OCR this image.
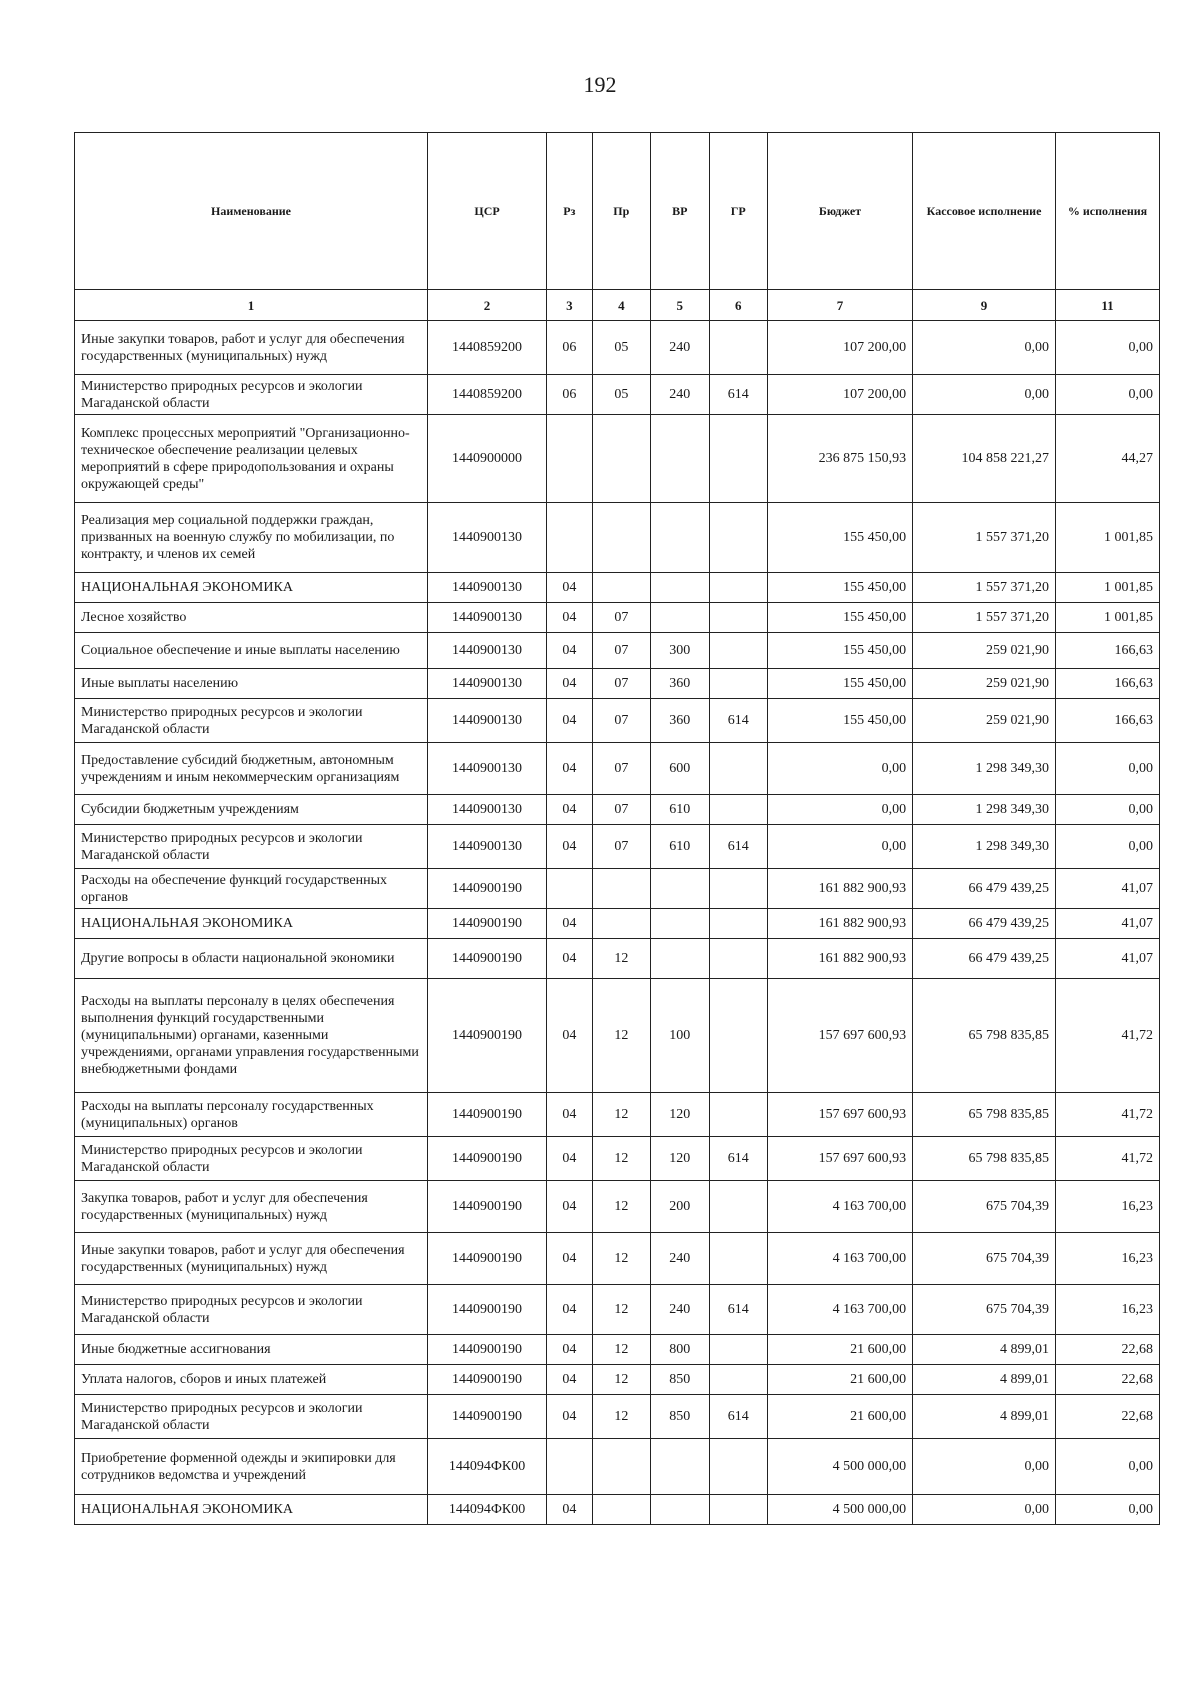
192
Наименование	ЦСР	Рз	Пр	ВР	ГР	Бюджет	Кассовое исполнение	% исполнения
1	2	3	4	5	6	7	9	11
Иные закупки товаров, работ и услуг для обеспечения государственных (муниципальных) нужд	1440859200	06	05	240		107 200,00	0,00	0,00
Министерство природных ресурсов и экологии Магаданской области	1440859200	06	05	240	614	107 200,00	0,00	0,00
Комплекс процессных мероприятий "Организационно-техническое обеспечение реализации целевых мероприятий в сфере природопользования и охраны окружающей среды"	1440900000					236 875 150,93	104 858 221,27	44,27
Реализация мер социальной поддержки граждан, призванных на военную службу по мобилизации, по контракту, и членов их семей	1440900130					155 450,00	1 557 371,20	1 001,85
НАЦИОНАЛЬНАЯ ЭКОНОМИКА	1440900130	04				155 450,00	1 557 371,20	1 001,85
Лесное хозяйство	1440900130	04	07			155 450,00	1 557 371,20	1 001,85
Социальное обеспечение и иные выплаты населению	1440900130	04	07	300		155 450,00	259 021,90	166,63
Иные выплаты населению	1440900130	04	07	360		155 450,00	259 021,90	166,63
Министерство природных ресурсов и экологии Магаданской области	1440900130	04	07	360	614	155 450,00	259 021,90	166,63
Предоставление субсидий бюджетным, автономным учреждениям и иным некоммерческим организациям	1440900130	04	07	600		0,00	1 298 349,30	0,00
Субсидии бюджетным учреждениям	1440900130	04	07	610		0,00	1 298 349,30	0,00
Министерство природных ресурсов и экологии Магаданской области	1440900130	04	07	610	614	0,00	1 298 349,30	0,00
Расходы на обеспечение функций государственных органов	1440900190					161 882 900,93	66 479 439,25	41,07
НАЦИОНАЛЬНАЯ ЭКОНОМИКА	1440900190	04				161 882 900,93	66 479 439,25	41,07
Другие вопросы в области национальной экономики	1440900190	04	12			161 882 900,93	66 479 439,25	41,07
Расходы на выплаты персоналу в целях обеспечения выполнения функций государственными (муниципальными) органами, казенными учреждениями, органами управления государственными внебюджетными фондами	1440900190	04	12	100		157 697 600,93	65 798 835,85	41,72
Расходы на выплаты персоналу государственных (муниципальных) органов	1440900190	04	12	120		157 697 600,93	65 798 835,85	41,72
Министерство природных ресурсов и экологии Магаданской области	1440900190	04	12	120	614	157 697 600,93	65 798 835,85	41,72
Закупка товаров, работ и услуг для обеспечения государственных (муниципальных) нужд	1440900190	04	12	200		4 163 700,00	675 704,39	16,23
Иные закупки товаров, работ и услуг для обеспечения государственных (муниципальных) нужд	1440900190	04	12	240		4 163 700,00	675 704,39	16,23
Министерство природных ресурсов и экологии Магаданской области	1440900190	04	12	240	614	4 163 700,00	675 704,39	16,23
Иные бюджетные ассигнования	1440900190	04	12	800		21 600,00	4 899,01	22,68
Уплата налогов, сборов и иных платежей	1440900190	04	12	850		21 600,00	4 899,01	22,68
Министерство природных ресурсов и экологии Магаданской области	1440900190	04	12	850	614	21 600,00	4 899,01	22,68
Приобретение форменной одежды и экипировки для сотрудников ведомства и учреждений	144094ФК00					4 500 000,00	0,00	0,00
НАЦИОНАЛЬНАЯ ЭКОНОМИКА	144094ФК00	04				4 500 000,00	0,00	0,00
